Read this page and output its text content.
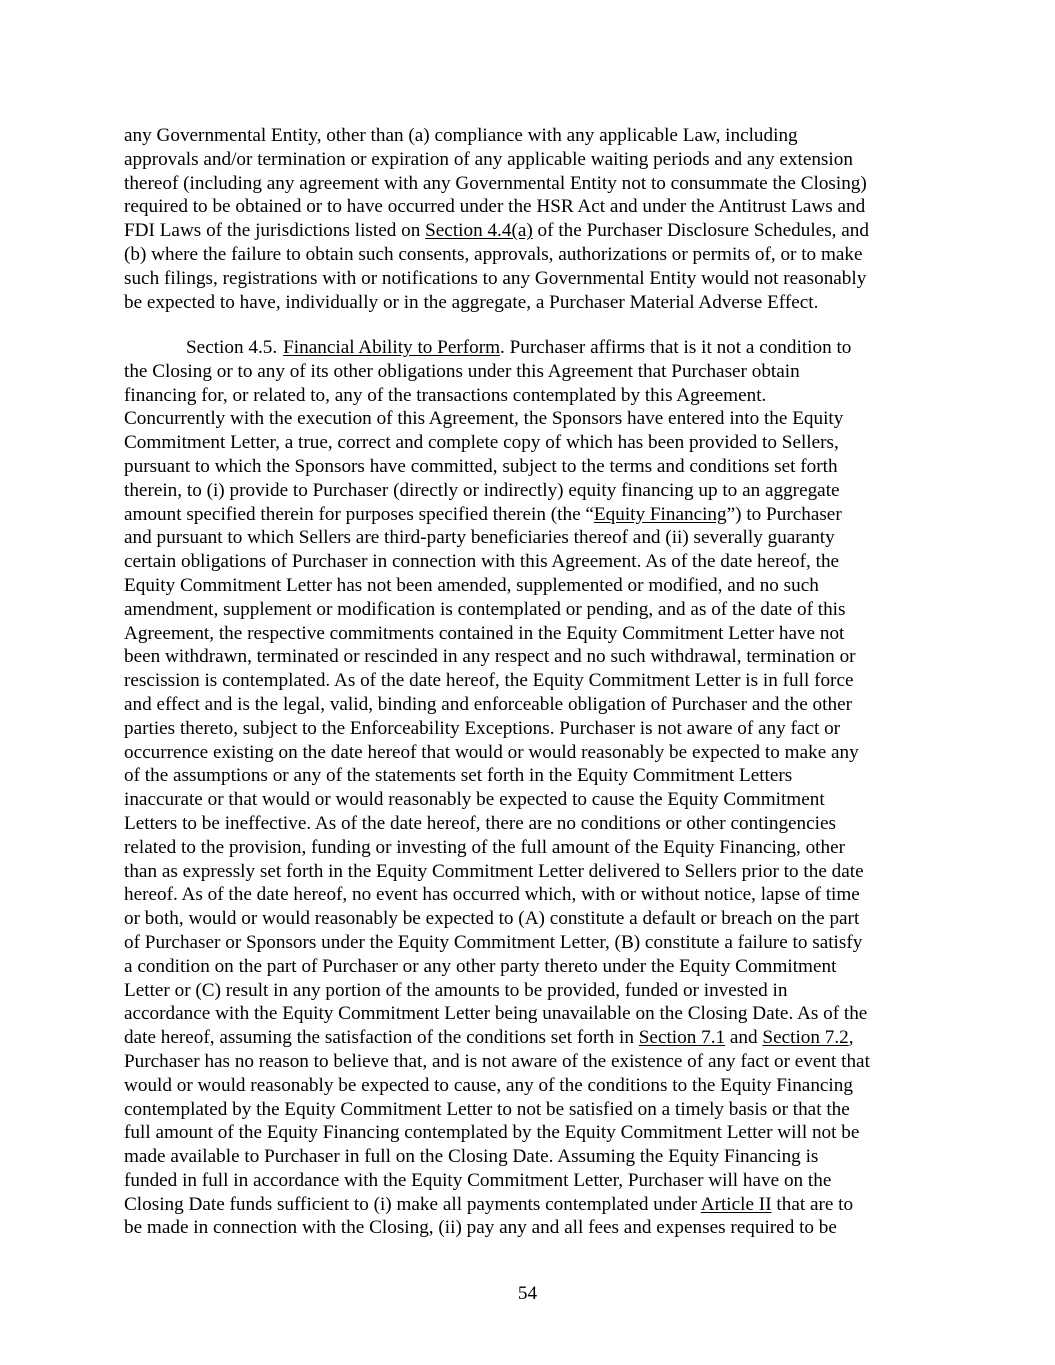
any Governmental Entity, other than (a) compliance with any applicable Law, including
approvals and/or termination or expiration of any applicable waiting periods and any extension
thereof (including any agreement with any Governmental Entity not to consummate the Closing)
required to be obtained or to have occurred under the HSR Act and under the Antitrust Laws and
FDI Laws of the jurisdictions listed on Section 4.4(a) of the Purchaser Disclosure Schedules, and
(b) where the failure to obtain such consents, approvals, authorizations or permits of, or to make
such filings, registrations with or notifications to any Governmental Entity would not reasonably
be expected to have, individually or in the aggregate, a Purchaser Material Adverse Effect.
Section 4.5. Financial Ability to Perform. Purchaser affirms that is it not a condition to
the Closing or to any of its other obligations under this Agreement that Purchaser obtain
financing for, or related to, any of the transactions contemplated by this Agreement.
Concurrently with the execution of this Agreement, the Sponsors have entered into the Equity
Commitment Letter, a true, correct and complete copy of which has been provided to Sellers,
pursuant to which the Sponsors have committed, subject to the terms and conditions set forth
therein, to (i) provide to Purchaser (directly or indirectly) equity financing up to an aggregate
amount specified therein for purposes specified therein (the “Equity Financing”) to Purchaser
and pursuant to which Sellers are third-party beneficiaries thereof and (ii) severally guaranty
certain obligations of Purchaser in connection with this Agreement. As of the date hereof, the
Equity Commitment Letter has not been amended, supplemented or modified, and no such
amendment, supplement or modification is contemplated or pending, and as of the date of this
Agreement, the respective commitments contained in the Equity Commitment Letter have not
been withdrawn, terminated or rescinded in any respect and no such withdrawal, termination or
rescission is contemplated. As of the date hereof, the Equity Commitment Letter is in full force
and effect and is the legal, valid, binding and enforceable obligation of Purchaser and the other
parties thereto, subject to the Enforceability Exceptions. Purchaser is not aware of any fact or
occurrence existing on the date hereof that would or would reasonably be expected to make any
of the assumptions or any of the statements set forth in the Equity Commitment Letters
inaccurate or that would or would reasonably be expected to cause the Equity Commitment
Letters to be ineffective. As of the date hereof, there are no conditions or other contingencies
related to the provision, funding or investing of the full amount of the Equity Financing, other
than as expressly set forth in the Equity Commitment Letter delivered to Sellers prior to the date
hereof. As of the date hereof, no event has occurred which, with or without notice, lapse of time
or both, would or would reasonably be expected to (A) constitute a default or breach on the part
of Purchaser or Sponsors under the Equity Commitment Letter, (B) constitute a failure to satisfy
a condition on the part of Purchaser or any other party thereto under the Equity Commitment
Letter or (C) result in any portion of the amounts to be provided, funded or invested in
accordance with the Equity Commitment Letter being unavailable on the Closing Date. As of the
date hereof, assuming the satisfaction of the conditions set forth in Section 7.1 and Section 7.2,
Purchaser has no reason to believe that, and is not aware of the existence of any fact or event that
would or would reasonably be expected to cause, any of the conditions to the Equity Financing
contemplated by the Equity Commitment Letter to not be satisfied on a timely basis or that the
full amount of the Equity Financing contemplated by the Equity Commitment Letter will not be
made available to Purchaser in full on the Closing Date. Assuming the Equity Financing is
funded in full in accordance with the Equity Commitment Letter, Purchaser will have on the
Closing Date funds sufficient to (i) make all payments contemplated under Article II that are to
be made in connection with the Closing, (ii) pay any and all fees and expenses required to be
54
